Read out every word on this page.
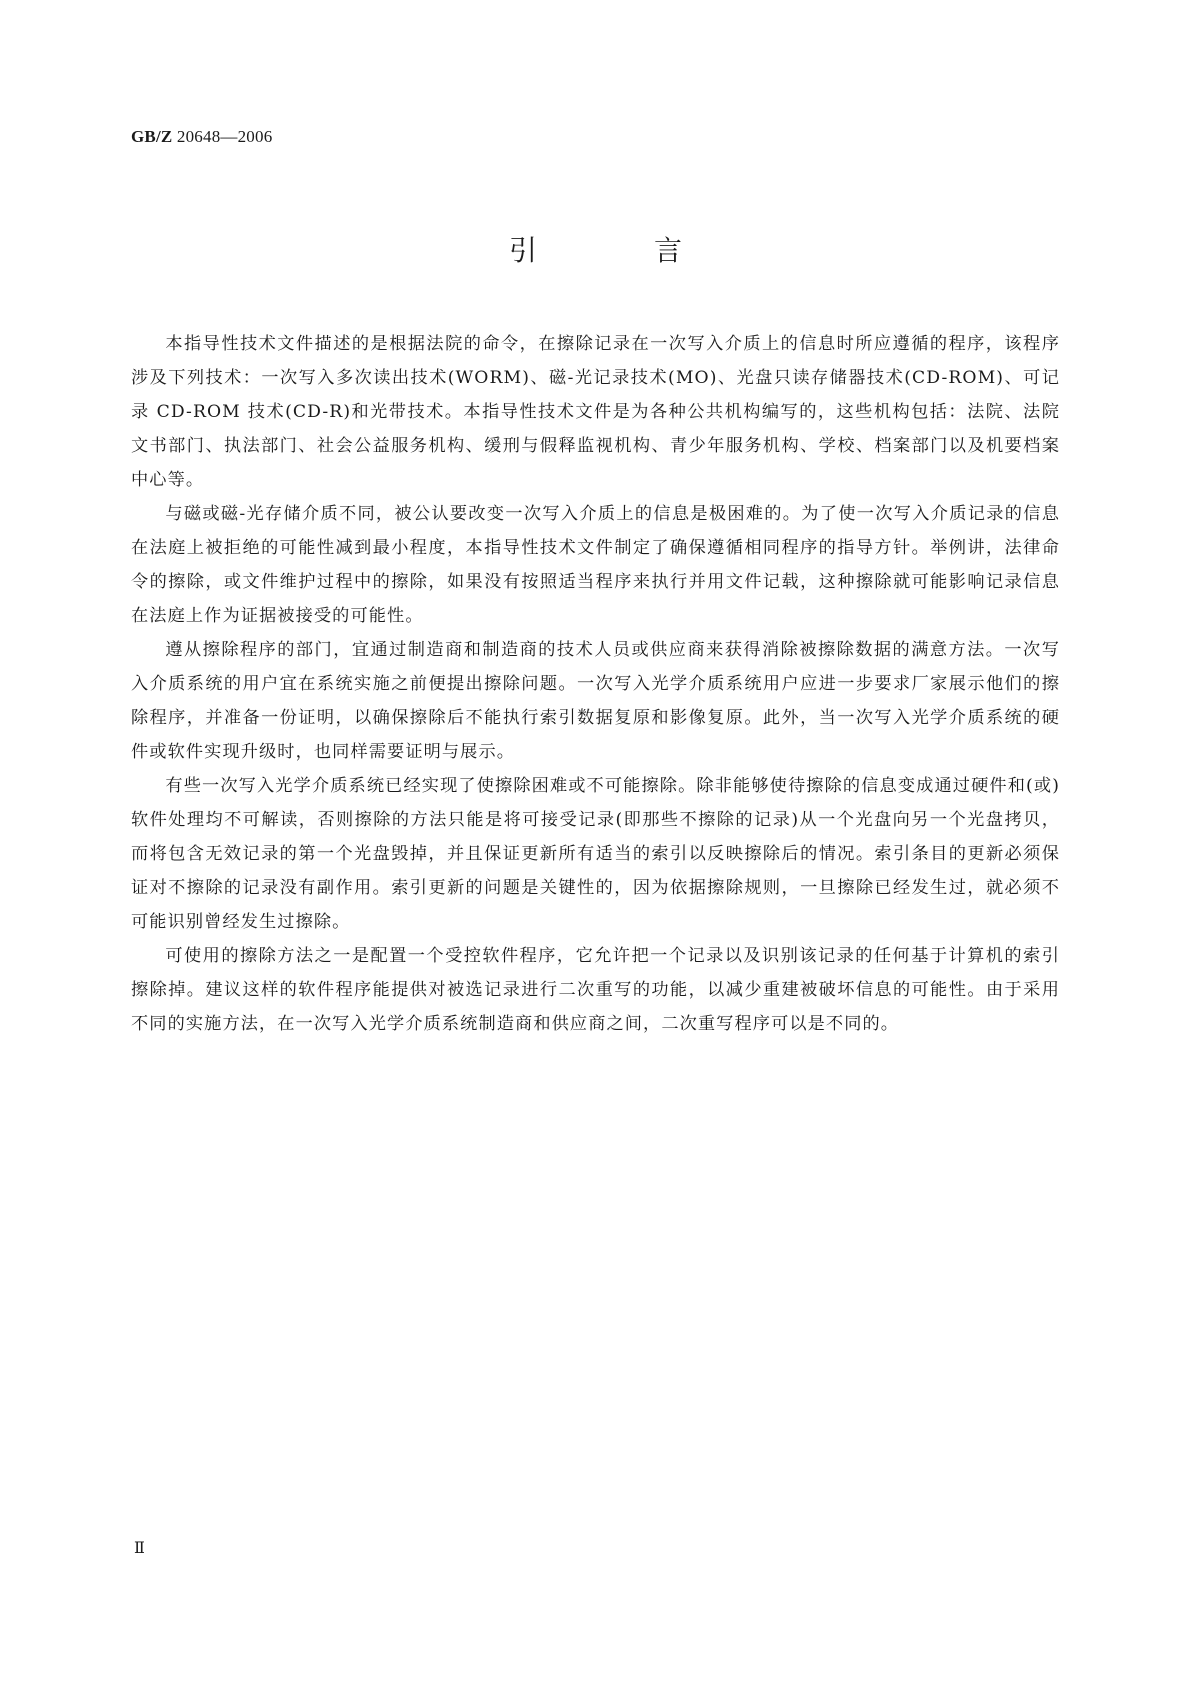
GB/Z 20648—2006
引 言

本指导性技术文件描述的是根据法院的命令，在擦除记录在一次写入介质上的信息时所应遵循的程序，该程序涉及下列技术：一次写入多次读出技术(WORM)、磁-光记录技术(MO)、光盘只读存储器技术(CD-ROM)、可记录 CD-ROM 技术(CD-R)和光带技术。本指导性技术文件是为各种公共机构编写的，这些机构包括：法院、法院文书部门、执法部门、社会公益服务机构、缓刑与假释监视机构、青少年服务机构、学校、档案部门以及机要档案中心等。

与磁或磁-光存储介质不同，被公认要改变一次写入介质上的信息是极困难的。为了使一次写入介质记录的信息在法庭上被拒绝的可能性减到最小程度，本指导性技术文件制定了确保遵循相同程序的指导方针。举例讲，法律命令的擦除，或文件维护过程中的擦除，如果没有按照适当程序来执行并用文件记载，这种擦除就可能影响记录信息在法庭上作为证据被接受的可能性。

遵从擦除程序的部门，宜通过制造商和制造商的技术人员或供应商来获得消除被擦除数据的满意方法。一次写入介质系统的用户宜在系统实施之前便提出擦除问题。一次写入光学介质系统用户应进一步要求厂家展示他们的擦除程序，并准备一份证明，以确保擦除后不能执行索引数据复原和影像复原。此外，当一次写入光学介质系统的硬件或软件实现升级时，也同样需要证明与展示。

有些一次写入光学介质系统已经实现了使擦除困难或不可能擦除。除非能够使待擦除的信息变成通过硬件和(或)软件处理均不可解读，否则擦除的方法只能是将可接受记录(即那些不擦除的记录)从一个光盘向另一个光盘拷贝，而将包含无效记录的第一个光盘毁掉，并且保证更新所有适当的索引以反映擦除后的情况。索引条目的更新必须保证对不擦除的记录没有副作用。索引更新的问题是关键性的，因为依据擦除规则，一旦擦除已经发生过，就必须不可能识别曾经发生过擦除。

可使用的擦除方法之一是配置一个受控软件程序，它允许把一个记录以及识别该记录的任何基于计算机的索引擦除掉。建议这样的软件程序能提供对被选记录进行二次重写的功能，以减少重建被破坏信息的可能性。由于采用不同的实施方法，在一次写入光学介质系统制造商和供应商之间，二次重写程序可以是不同的。

Ⅱ
